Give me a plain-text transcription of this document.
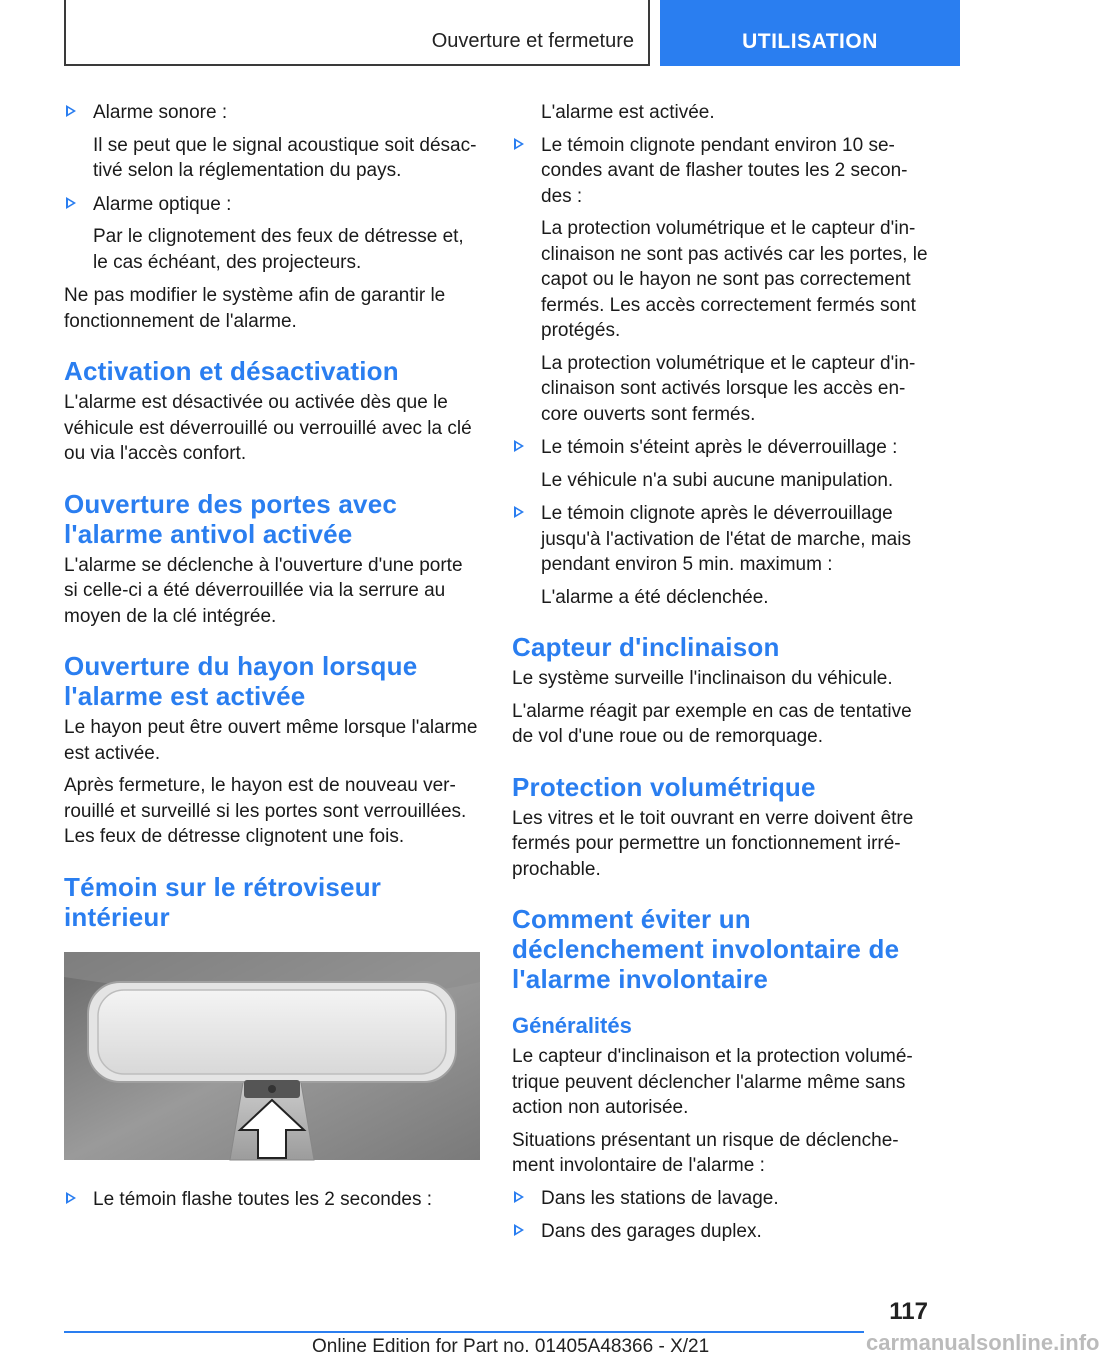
Ouverture et fermeture	UTILISATION

Alarme sonore :

Il se peut que le signal acoustique soit désac-tivé selon la réglementation du pays.

Alarme optique :

Par le clignotement des feux de détresse et, le cas échéant, des projecteurs.

Ne pas modifier le système afin de garantir le fonctionnement de l'alarme.

Activation et désactivation

L'alarme est désactivée ou activée dès que le véhicule est déverrouillé ou verrouillé avec la clé ou via l'accès confort.

Ouverture des portes avec l'alarme antivol activée

L'alarme se déclenche à l'ouverture d'une porte si celle-ci a été déverrouillée via la serrure au moyen de la clé intégrée.

Ouverture du hayon lorsque l'alarme est activée

Le hayon peut être ouvert même lorsque l'alarme est activée.

Après fermeture, le hayon est de nouveau ver-rouillé et surveillé si les portes sont verrouillées. Les feux de détresse clignotent une fois.

Témoin sur le rétroviseur intérieur

Le témoin flashe toutes les 2 secondes :

L'alarme est activée.

Le témoin clignote pendant environ 10 se-condes avant de flasher toutes les 2 secon-des :

La protection volumétrique et le capteur d'in-clinaison ne sont pas activés car les portes, le capot ou le hayon ne sont pas correctement fermés. Les accès correctement fermés sont protégés.

La protection volumétrique et le capteur d'in-clinaison sont activés lorsque les accès en-core ouverts sont fermés.

Le témoin s'éteint après le déverrouillage :

Le véhicule n'a subi aucune manipulation.

Le témoin clignote après le déverrouillage jusqu'à l'activation de l'état de marche, mais pendant environ 5 min. maximum :

L'alarme a été déclenchée.

Capteur d'inclinaison

Le système surveille l'inclinaison du véhicule.

L'alarme réagit par exemple en cas de tentative de vol d'une roue ou de remorquage.

Protection volumétrique

Les vitres et le toit ouvrant en verre doivent être fermés pour permettre un fonctionnement irré-prochable.

Comment éviter un déclenchement involontaire de l'alarme involontaire
Généralités

Le capteur d'inclinaison et la protection volumé-trique peuvent déclencher l'alarme même sans action non autorisée.

Situations présentant un risque de déclenche-ment involontaire de l'alarme :

Dans les stations de lavage.

Dans des garages duplex.

117
Online Edition for Part no. 01405A48366 - X/21	carmanualsonline.info
